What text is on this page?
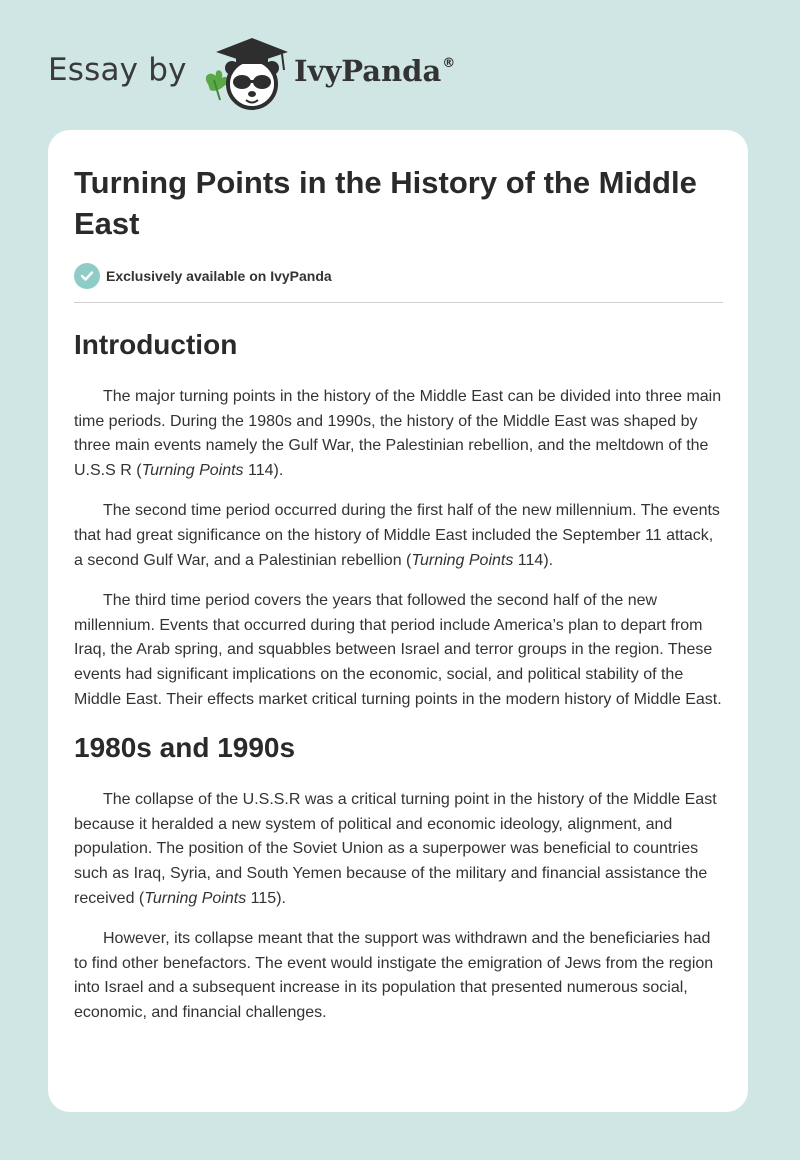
Essay by	IvyPanda®
Turning Points in the History of the Middle East
Exclusively available on IvyPanda
Introduction

The major turning points in the history of the Middle East can be divided into three main time periods. During the 1980s and 1990s, the history of the Middle East was shaped by three main events namely the Gulf War, the Palestinian rebellion, and the meltdown of the U.S.S R (Turning Points 114).

The second time period occurred during the first half of the new millennium. The events that had great significance on the history of Middle East included the September 11 attack, a second Gulf War, and a Palestinian rebellion (Turning Points 114).

The third time period covers the years that followed the second half of the new millennium. Events that occurred during that period include America’s plan to depart from Iraq, the Arab spring, and squabbles between Israel and terror groups in the region. These events had significant implications on the economic, social, and political stability of the Middle East. Their effects market critical turning points in the modern history of Middle East.

1980s and 1990s

The collapse of the U.S.S.R was a critical turning point in the history of the Middle East because it heralded a new system of political and economic ideology, alignment, and population. The position of the Soviet Union as a superpower was beneficial to countries such as Iraq, Syria, and South Yemen because of the military and financial assistance the received (Turning Points 115).

However, its collapse meant that the support was withdrawn and the beneficiaries had to find other benefactors. The event would instigate the emigration of Jews from the region into Israel and a subsequent increase in its population that presented numerous social, economic, and financial challenges.
